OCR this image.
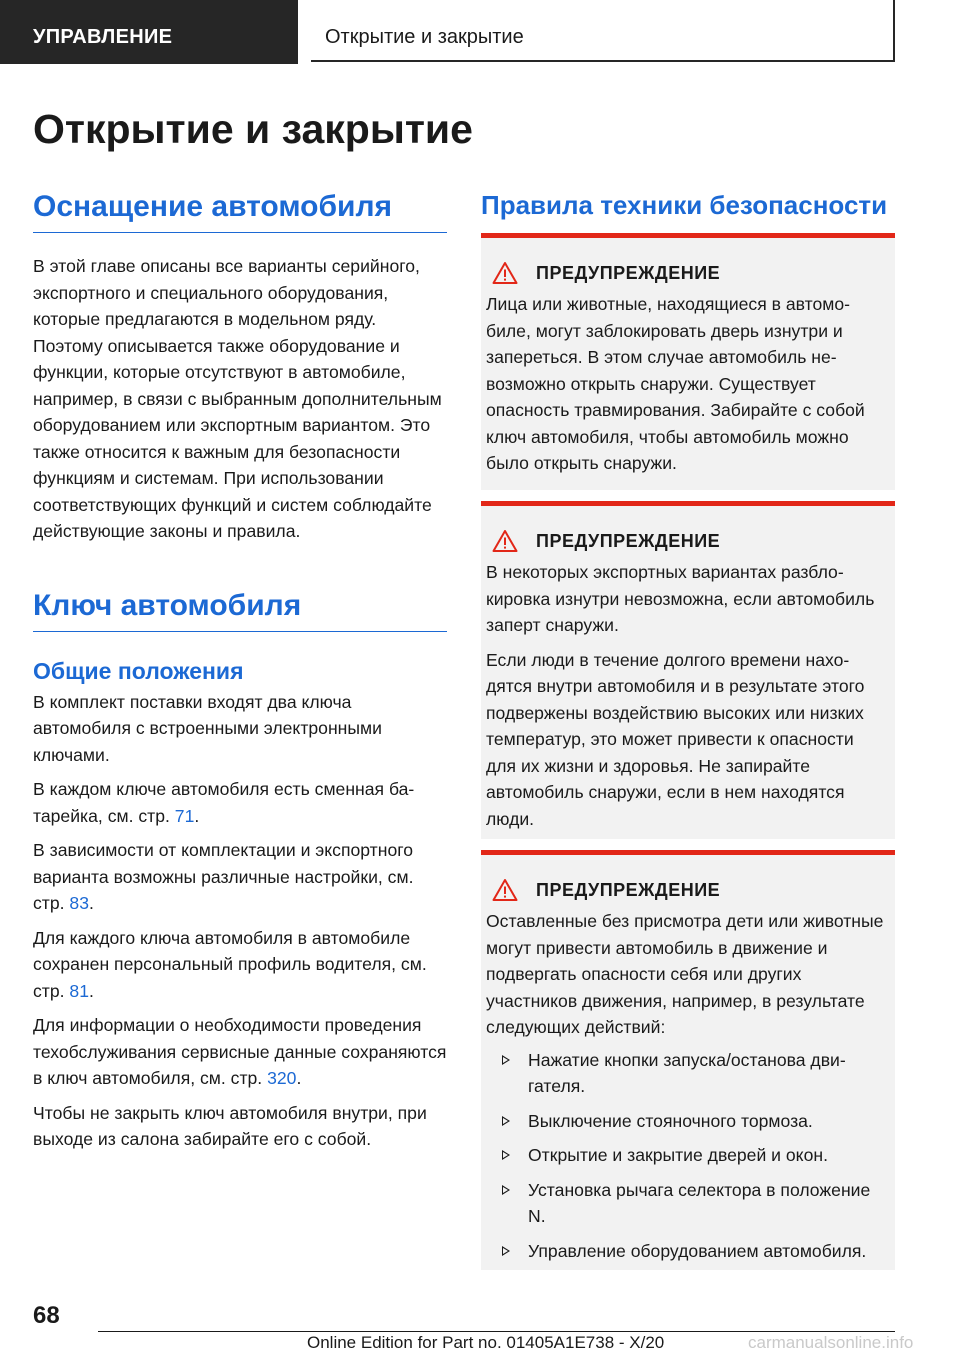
УПРАВЛЕНИЕ	Открытие и закрытие
Открытие и закрытие
Оснащение автомобиля

В этой главе описаны все варианты серийного, экспортного и специального оборудования, которые предлагаются в модельном ряду. Поэтому описывается также оборудование и функции, которые отсутствуют в автомобиле, например, в связи с выбранным дополнительным оборудованием или экспортным вариантом. Это также относится к важным для безопасности функциям и системам. При использовании соответствующих функций и систем соблюдайте действующие законы и правила.

Ключ автомобиля
Общие положения

В комплект поставки входят два ключа автомобиля с встроенными электронными ключами.

В каждом ключе автомобиля есть сменная батарейка, см. стр. 71.

В зависимости от комплектации и экспортного варианта возможны различные настройки, см. стр. 83.

Для каждого ключа автомобиля в автомобиле сохранен персональный профиль водителя, см. стр. 81.

Для информации о необходимости проведения техобслуживания сервисные данные сохраняются в ключ автомобиля, см. стр. 320.

Чтобы не закрыть ключ автомобиля внутри, при выходе из салона забирайте его с собой.

Правила техники безопасности
ПРЕДУПРЕЖДЕНИЕ

Лица или животные, находящиеся в автомобиле, могут заблокировать дверь изнутри и запереться. В этом случае автомобиль невозможно открыть снаружи. Существует опасность травмирования. Забирайте с собой ключ автомобиля, чтобы автомобиль можно было открыть снаружи.

ПРЕДУПРЕЖДЕНИЕ

В некоторых экспортных вариантах разблокировка изнутри невозможна, если автомобиль заперт снаружи.

Если люди в течение долгого времени находятся внутри автомобиля и в результате этого подвержены воздействию высоких или низких температур, это может привести к опасности для их жизни и здоровья. Не запирайте автомобиль снаружи, если в нем находятся люди.

ПРЕДУПРЕЖДЕНИЕ

Оставленные без присмотра дети или животные могут привести автомобиль в движение и подвергать опасности себя или других участников движения, например, в результате следующих действий:

Нажатие кнопки запуска/останова двигателя.
Выключение стояночного тормоза.
Открытие и закрытие дверей и окон.
Установка рычага селектора в положение N.
Управление оборудованием автомобиля.
68
Online Edition for Part no. 01405A1E738 - X/20	carmanualsonline.info
